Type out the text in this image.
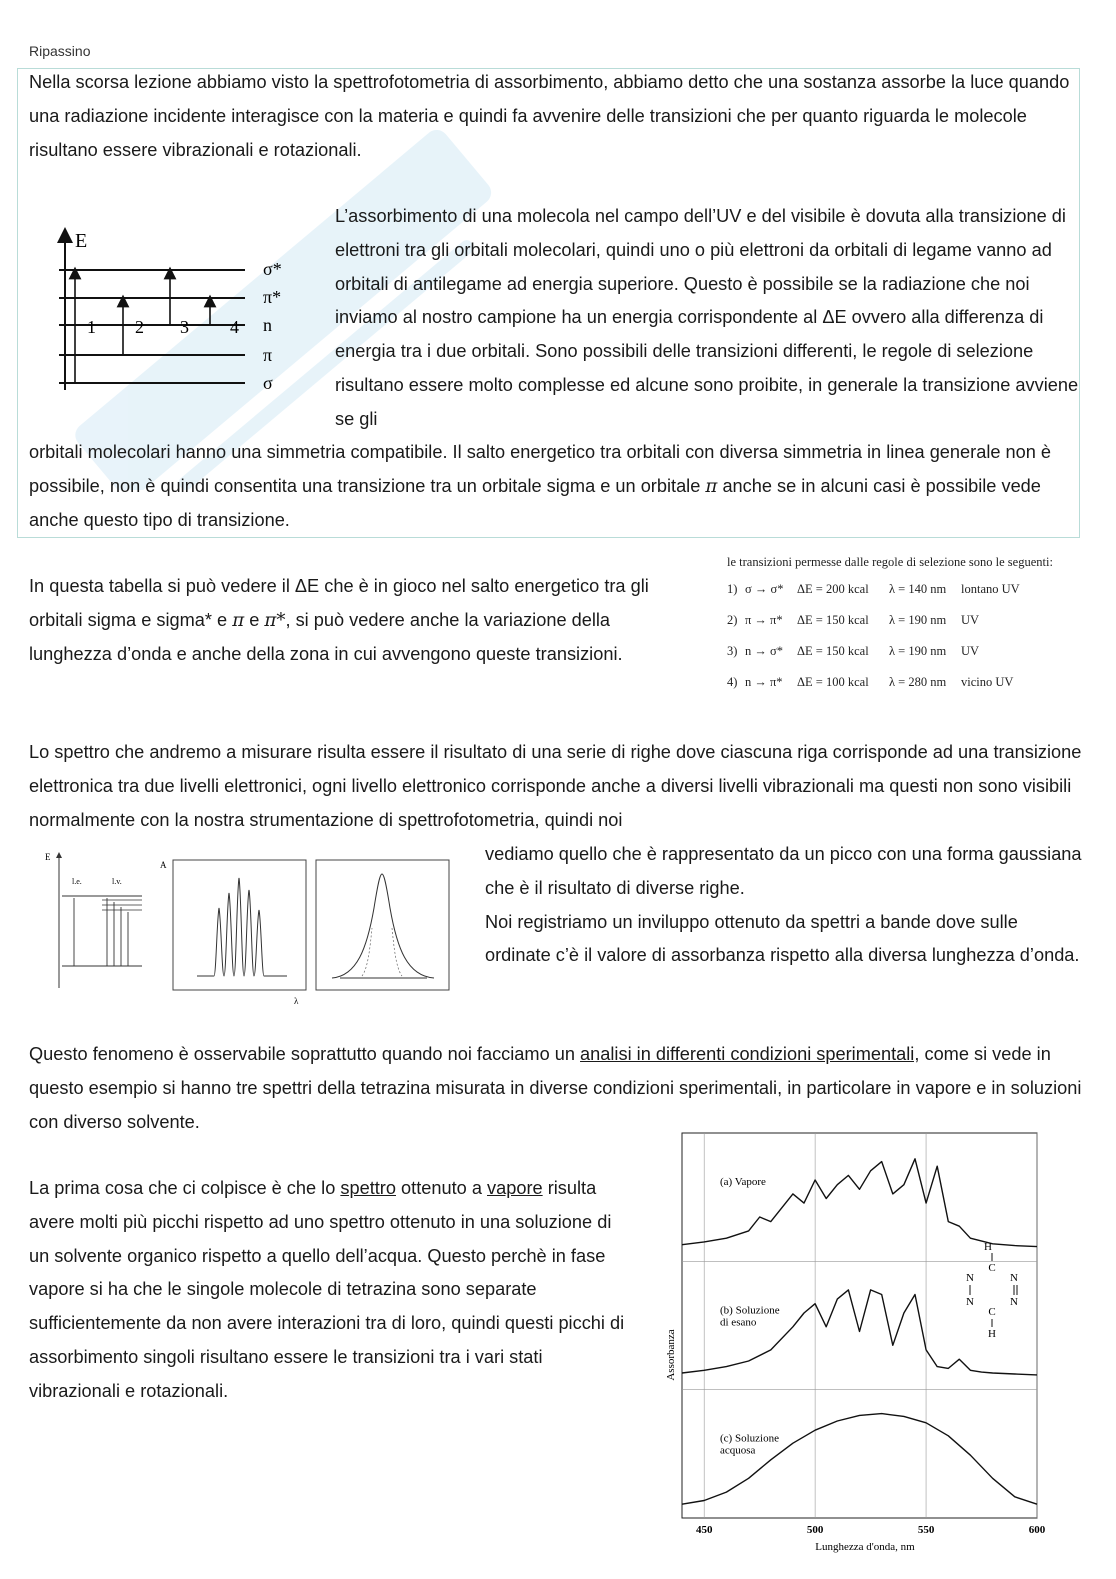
Ripassino

Nella scorsa lezione abbiamo visto la spettrofotometria di assorbimento, abbiamo detto che una sostanza assorbe la luce quando una radiazione incidente interagisce con la materia e quindi fa avvenire delle transizioni che per quanto riguarda le molecole risultano essere vibrazionali e rotazionali.

E
1 2 3 4
σ*
π*
n
π
σ

L’assorbimento di una molecola nel campo dell’UV e del visibile è dovuta alla transizione di elettroni tra gli orbitali molecolari, quindi uno o più elettroni da orbitali di legame vanno ad orbitali di antilegame ad energia superiore. Questo è possibile se la radiazione che noi inviamo al nostro campione ha un energia corrispondente al ΔE ovvero alla differenza di energia tra i due orbitali. Sono possibili delle transizioni differenti, le regole di selezione risultano essere molto complesse ed alcune sono proibite, in generale la transizione avviene se gli

orbitali molecolari hanno una simmetria compatibile. Il salto energetico tra orbitali con diversa simmetria in linea generale non è possibile, non è quindi consentita una transizione tra un orbitale sigma e un orbitale π anche se in alcuni casi è possibile vede anche questo tipo di transizione.

In questa tabella si può vedere il ΔE che è in gioco nel salto energetico tra gli orbitali sigma e sigma* e π e π*, si può vedere anche la variazione della lunghezza d’onda e anche della zona in cui avvengono queste transizioni.

le transizioni permesse dalle regole di selezione sono le seguenti:
1) σ → σ* ΔE = 200 kcal λ = 140 nm lontano UV
2) π → π* ΔE = 150 kcal λ = 190 nm UV
3) n → σ* ΔE = 150 kcal λ = 190 nm UV
4) n → π* ΔE = 100 kcal λ = 280 nm vicino UV

Lo spettro che andremo a misurare risulta essere il risultato di una serie di righe dove ciascuna riga corrisponde ad una transizione elettronica tra due livelli elettronici, ogni livello elettronico corrisponde anche a diversi livelli vibrazionali ma questi non sono visibili normalmente con la nostra strumentazione di spettrofotometria, quindi noi

E
l.e.	l.v.
A
λ

vediamo quello che è rappresentato da un picco con una forma gaussiana che è il risultato di diverse righe.
Noi registriamo un inviluppo ottenuto da spettri a bande dove sulle ordinate c’è il valore di assorbanza rispetto alla diversa lunghezza d’onda.

Questo fenomeno è osservabile soprattutto quando noi facciamo un analisi in differenti condizioni sperimentali, come si vede in questo esempio si hanno tre spettri della tetrazina misurata in diverse condizioni sperimentali, in particolare in vapore e in soluzioni con diverso solvente.

La prima cosa che ci colpisce è che lo spettro ottenuto a vapore risulta avere molti più picchi rispetto ad uno spettro ottenuto in una soluzione di un solvente organico rispetto a quello dell’acqua. Questo perchè in fase vapore si ha che le singole molecole di tetrazina sono separate sufficientemente da non avere interazioni tra di loro, quindi questi picchi di assorbimento singoli risultano essere le transizioni tra i vari stati vibrazionali e rotazionali.

(a) Vapore
(b) Soluzione
di esano
(c) Soluzione
acquosa
450	500	550	600
Assorbanza
Lunghezza d'onda, nm
H
C
N	N
N	N
C
H
